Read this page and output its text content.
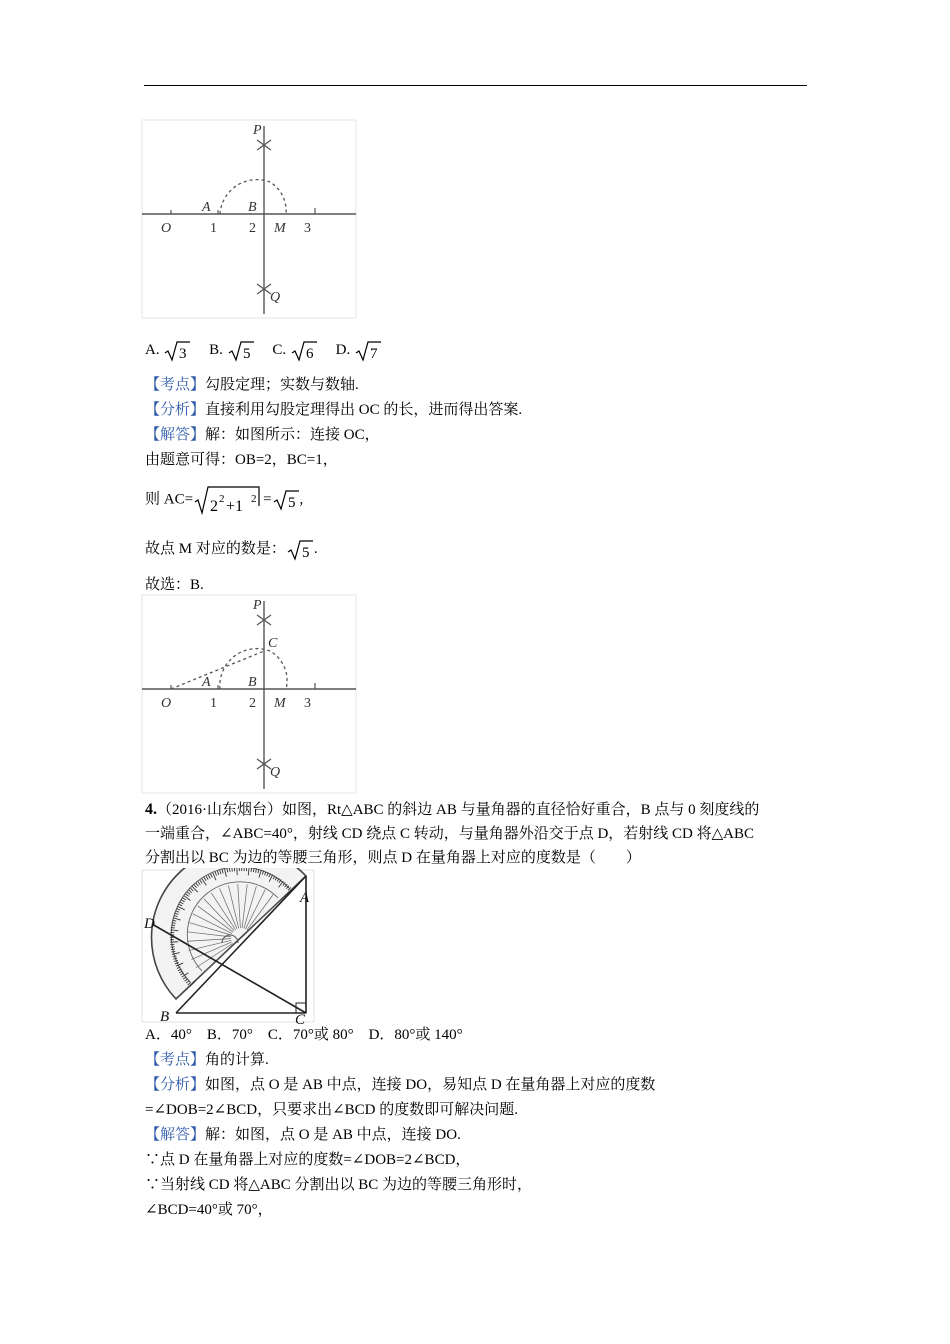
P
Q
A	B
M
O	1 2	3
A. 3 B. 5 C. 6 D. 7
【考点】勾股定理；实数与数轴.
【分析】直接利用勾股定理得出 OC 的长，进而得出答案.
【解答】解：如图所示：连接 OC，
由题意可得：OB=2，BC=1，
则 AC= 2 2 +1 2 = 5 ,
故点 M 对应的数是： 5 .
故选：B.
P
C
Q
A	B
M
O	1 2	3
4.（2016·山东烟台）如图，Rt△ABC 的斜边 AB 与量角器的直径恰好重合，B 点与 0 刻度线的
一端重合，∠ABC=40°，射线 CD 绕点 C 转动，与量角器外沿交于点 D，若射线 CD 将△ABC
分割出以 BC 为边的等腰三角形，则点 D 在量角器上对应的度数是（　　）
D
A
B	C
A．40°　B．70°　C．70°或 80°　D．80°或 140°
【考点】角的计算.
【分析】如图，点 O 是 AB 中点，连接 DO，易知点 D 在量角器上对应的度数
=∠DOB=2∠BCD，只要求出∠BCD 的度数即可解决问题.
【解答】解：如图，点 O 是 AB 中点，连接 DO.
∵点 D 在量角器上对应的度数=∠DOB=2∠BCD，
∵当射线 CD 将△ABC 分割出以 BC 为边的等腰三角形时，
∠BCD=40°或 70°，
